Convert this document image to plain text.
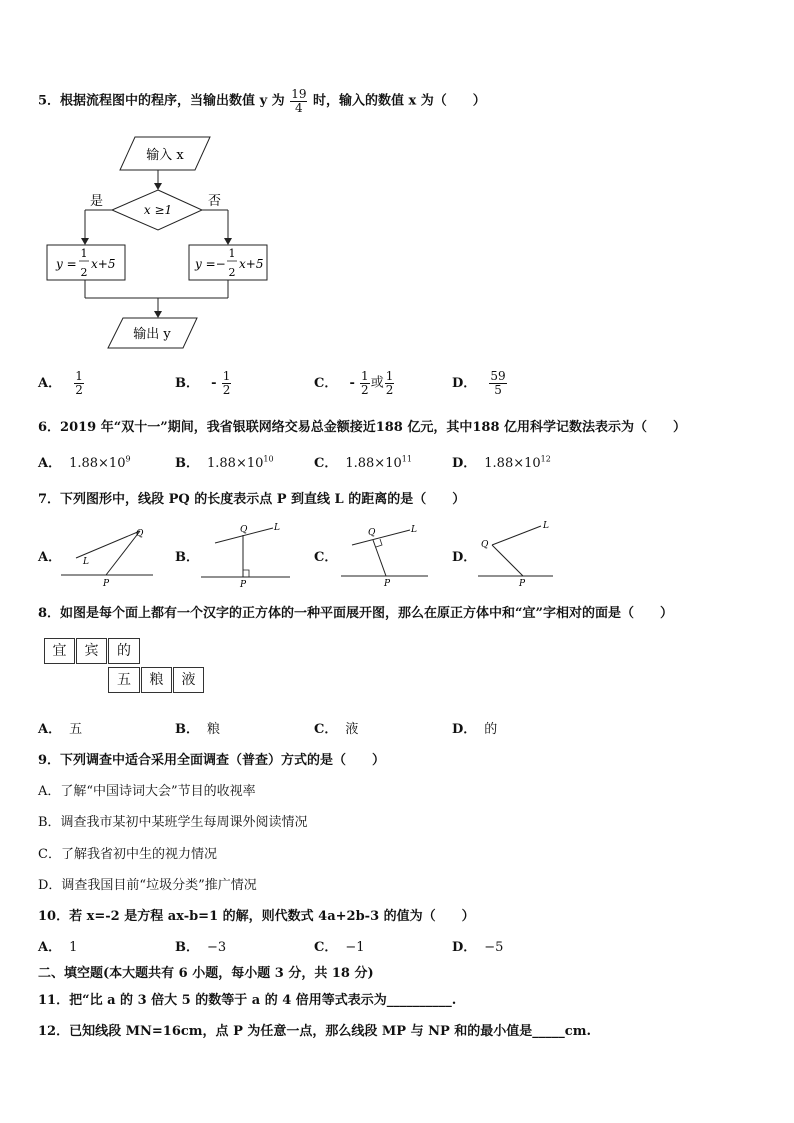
5．根据流程图中的程序，当输出数值 y 为 $\frac{19}{4}$ 时，输入的数值 x 为（　　）
输入 x
x ≥1
是	否
y =
1
2
x+5	y =−
1
2
x+5
输出 y
A． $\frac{1}{2}$	B． - $\frac{1}{2}$	C． - $\frac{1}{2}$ 或 $\frac{1}{2}$	D． $\frac{59}{5}$
6．2019 年“双十一”期间，我省银联网络交易总金额接近188 亿元，其中188 亿用科学记数法表示为（　　）
A． $1.88\times 10^9$	B． $1.88\times 10^{10}$	C． $1.88\times 10^{11}$	D． $1.88\times 10^{12}$
7．下列图形中，线段 PQ 的长度表示点 P 到直线 L 的距离的是（　　）
A．
Q
L
P
B．
Q	L
P
C．
Q	L
P
D．
Q
L
P
8．如图是每个面上都有一个汉字的正方体的一种平面展开图，那么在原正方体中和“宜”字相对的面是（　　）
宜	宾	的
五	粮	液
A． 五	B． 粮	C． 液	D． 的
9．下列调查中适合采用全面调查（普查）方式的是（　　）
A．了解“中国诗词大会”节目的收视率
B．调查我市某初中某班学生每周课外阅读情况
C．了解我省初中生的视力情况
D．调查我国目前“垃圾分类”推广情况
10．若 x=-2 是方程 ax-b=1 的解，则代数式 4a+2b-3 的值为（　　）
A． 1	B． −3	C． −1	D． −5
二、填空题(本大题共有 6 小题，每小题 3 分，共 18 分)
11．把“比 a 的 3 倍大 5 的数等于 a 的 4 倍用等式表示为__________.
12．已知线段 MN=16cm，点 P 为任意一点，那么线段 MP 与 NP 和的最小值是_____cm.
